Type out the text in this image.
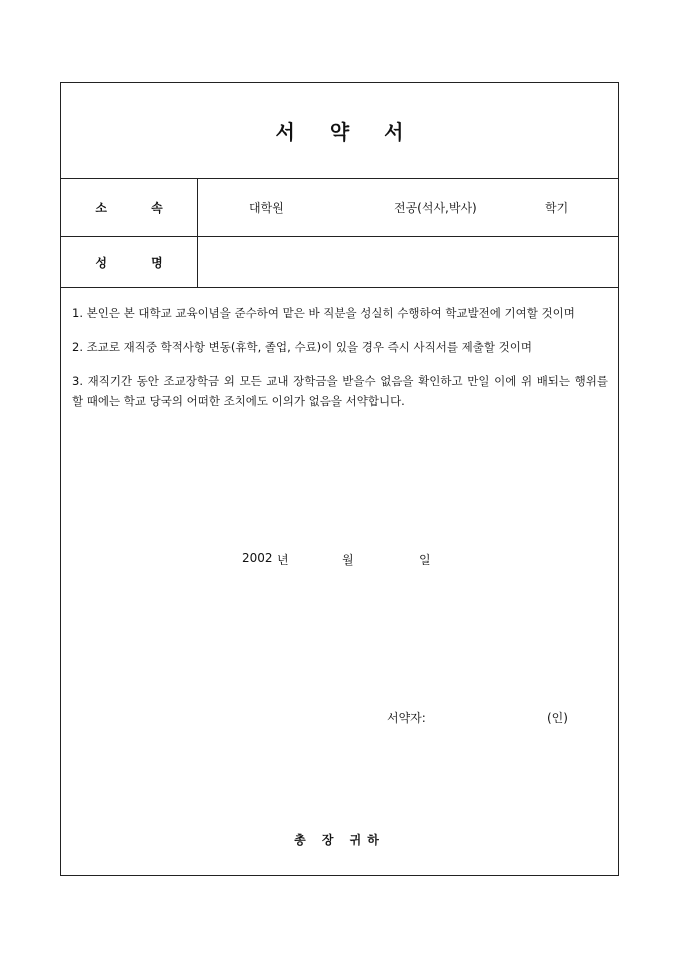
서 약 서
소 속	대학원	전공(석사,박사)	학기
성 명

1. 본인은 본 대학교 교육이념을 준수하여 맡은 바 직분을 성실히 수행하여 학교발전에 기여할 것이며

2. 조교로 재직중 학적사항 변동(휴학, 졸업, 수료)이 있을 경우 즉시 사직서를 제출할 것이며

3. 재직기간 동안 조교장학금 외 모든 교내 장학금을 받을수 없음을 확인하고 만일 이에 위 배되는 행위를 할 때에는 학교 당국의 어떠한 조치에도 이의가 없음을 서약합니다.

2002 년	월	일
서약자:	(인)
총 장 귀하
